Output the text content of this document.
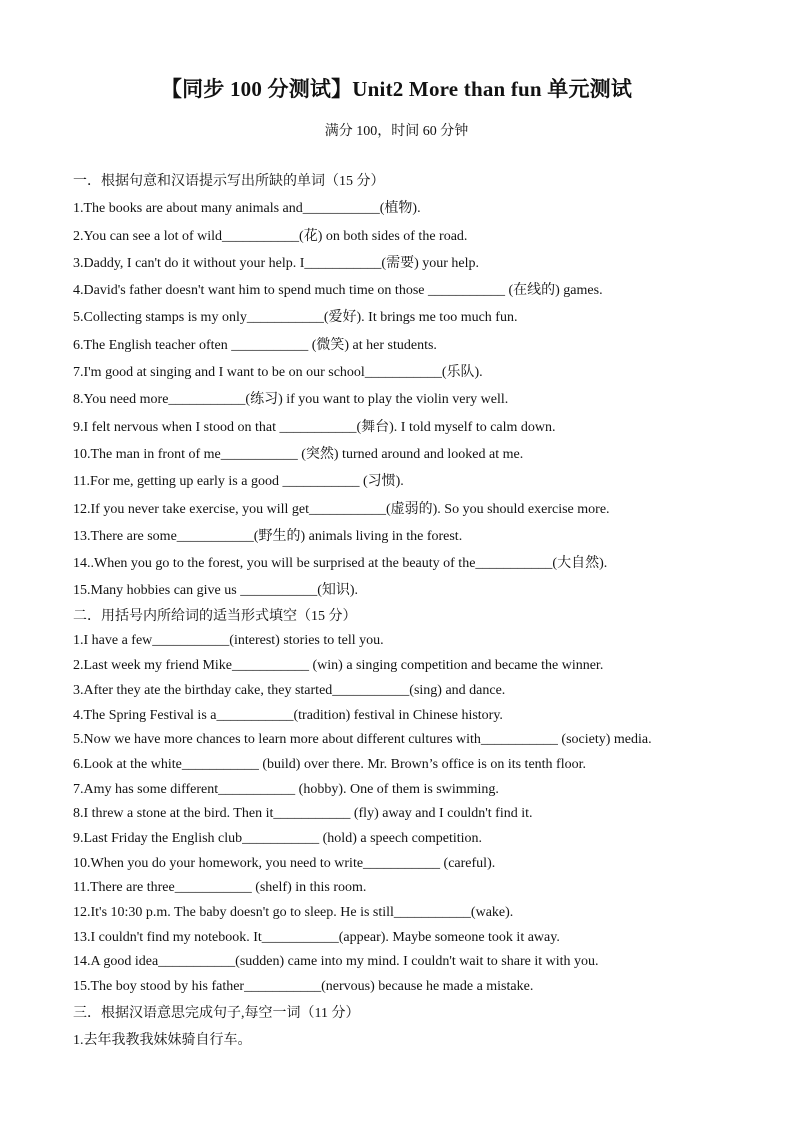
【同步 100 分测试】Unit2 More than fun 单元测试
满分 100，时间 60 分钟
一．根据句意和汉语提示写出所缺的单词（15 分）
1.The books are about many animals and___________(植物).
2.You can see a lot of wild___________(花) on both sides of the road.
3.Daddy, I can't do it without your help. I___________(需要) your help.
4.David's father doesn't want him to spend much time on those ___________ (在线的) games.
5.Collecting stamps is my only___________(爱好). It brings me too much fun.
6.The English teacher often ___________ (微笑) at her students.
7.I'm good at singing and I want to be on our school___________(乐队).
8.You need more___________(练习) if you want to play the violin very well.
9.I felt nervous when I stood on that ___________(舞台). I told myself to calm down.
10.The man in front of me___________ (突然) turned around and looked at me.
11.For me, getting up early is a good ___________ (习惯).
12.If you never take exercise, you will get___________(虚弱的). So you should exercise more.
13.There are some___________(野生的) animals living in the forest.
14..When you go to the forest, you will be surprised at the beauty of the___________(大自然).
15.Many hobbies can give us ___________(知识).
二．用括号内所给词的适当形式填空（15 分）
1.I have a few___________(interest) stories to tell you.
2.Last week my friend Mike___________ (win) a singing competition and became the winner.
3.After they ate the birthday cake, they started___________(sing) and dance.
4.The Spring Festival is a___________(tradition) festival in Chinese history.
5.Now we have more chances to learn more about different cultures with___________ (society) media.
6.Look at the white___________ (build) over there. Mr. Brown’s office is on its tenth floor.
7.Amy has some different___________ (hobby). One of them is swimming.
8.I threw a stone at the bird. Then it___________ (fly) away and I couldn't find it.
9.Last Friday the English club___________ (hold) a speech competition.
10.When you do your homework, you need to write___________ (careful).
11.There are three___________ (shelf) in this room.
12.It's 10:30 p.m. The baby doesn't go to sleep. He is still___________(wake).
13.I couldn't find my notebook. It___________(appear). Maybe someone took it away.
14.A good idea___________(sudden) came into my mind. I couldn't wait to share it with you.
15.The boy stood by his father___________(nervous) because he made a mistake.
三．根据汉语意思完成句子,每空一词（11 分）
1.去年我教我妹妹骑自行车。
